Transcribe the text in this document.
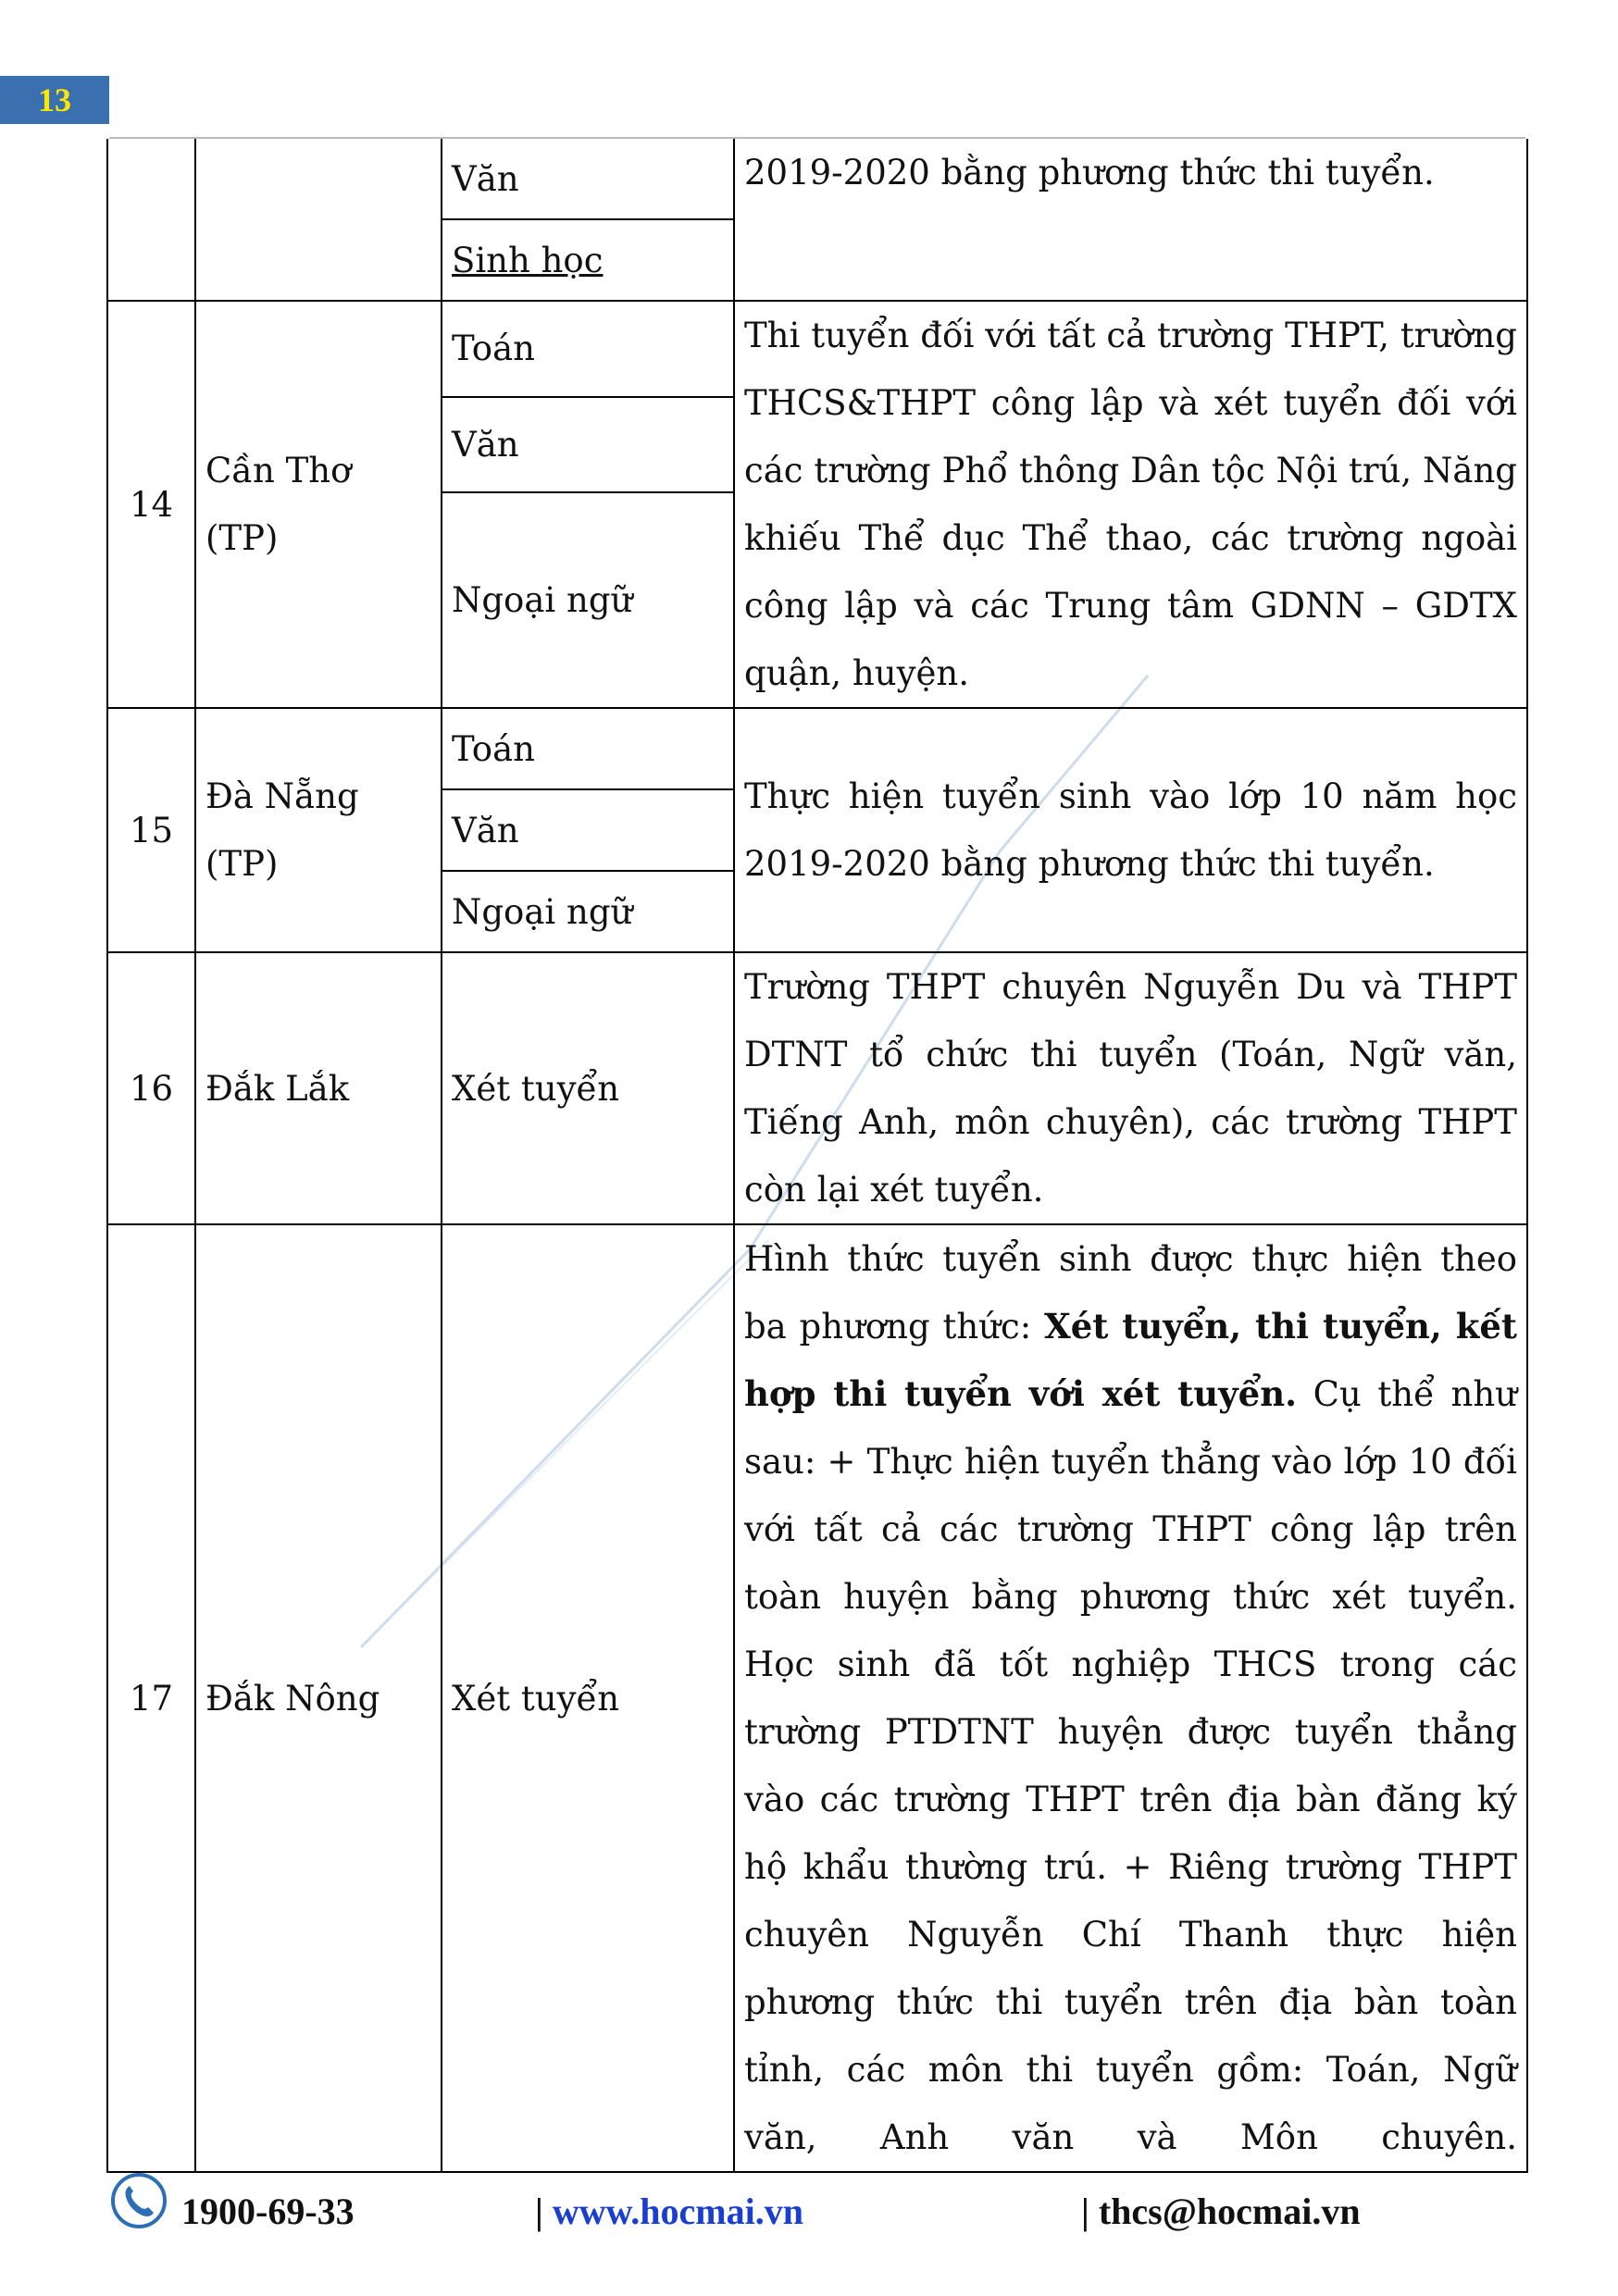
13
		Văn	2019-2020 bằng phương thức thi tuyển.
		Sinh học	
14	Cần Thơ (TP)	Toán	Thi tuyển đối với tất cả trường THPT, trường THCS&THPT công lập và xét tuyển đối với các trường Phổ thông Dân tộc Nội trú, Năng khiếu Thể dục Thể thao, các trường ngoài công lập và các Trung tâm GDNN – GDTX quận, huyện.
		Văn	
		Ngoại ngữ	
15	Đà Nẵng (TP)	Toán	Thực hiện tuyển sinh vào lớp 10 năm học 2019-2020 bằng phương thức thi tuyển.
		Văn	
		Ngoại ngữ	
16	Đắk Lắk	Xét tuyển	Trường THPT chuyên Nguyễn Du và THPT DTNT tổ chức thi tuyển (Toán, Ngữ văn, Tiếng Anh, môn chuyên), các trường THPT còn lại xét tuyển.
17	Đắk Nông	Xét tuyển	Hình thức tuyển sinh được thực hiện theo ba phương thức: Xét tuyển, thi tuyển, kết hợp thi tuyển với xét tuyển. Cụ thể như sau: + Thực hiện tuyển thẳng vào lớp 10 đối với tất cả các trường THPT công lập trên toàn huyện bằng phương thức xét tuyển. Học sinh đã tốt nghiệp THCS trong các trường PTDTNT huyện được tuyển thẳng vào các trường THPT trên địa bàn đăng ký hộ khẩu thường trú. + Riêng trường THPT chuyên Nguyễn Chí Thanh thực hiện phương thức thi tuyển trên địa bàn toàn tỉnh, các môn thi tuyển gồm: Toán, Ngữ văn, Anh văn và Môn chuyên.
1900-69-33	| www.hocmai.vn	| thcs@hocmai.vn
